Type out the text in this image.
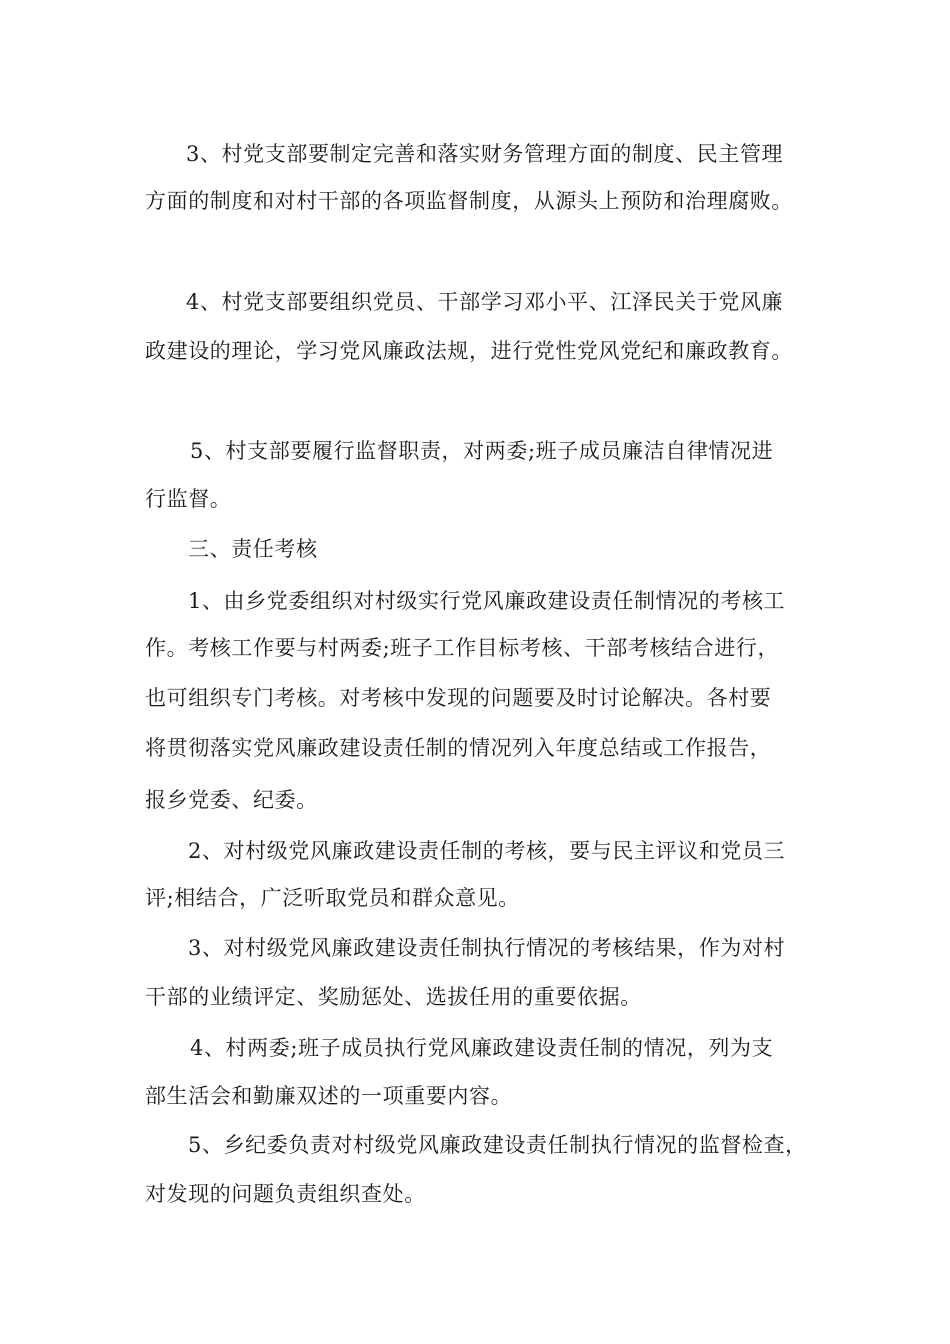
3、村党支部要制定完善和落实财务管理方面的制度、民主管理
方面的制度和对村干部的各项监督制度，从源头上预防和治理腐败。
4、村党支部要组织党员、干部学习邓小平、江泽民关于党风廉
政建设的理论，学习党风廉政法规，进行党性党风党纪和廉政教育。
5、村支部要履行监督职责，对两委;班子成员廉洁自律情况进
行监督。
三、责任考核
1、由乡党委组织对村级实行党风廉政建设责任制情况的考核工
作。考核工作要与村两委;班子工作目标考核、干部考核结合进行，
也可组织专门考核。对考核中发现的问题要及时讨论解决。各村要
将贯彻落实党风廉政建设责任制的情况列入年度总结或工作报告，
报乡党委、纪委。
2、对村级党风廉政建设责任制的考核，要与民主评议和党员三
评;相结合，广泛听取党员和群众意见。
3、对村级党风廉政建设责任制执行情况的考核结果，作为对村
干部的业绩评定、奖励惩处、选拔任用的重要依据。
4、村两委;班子成员执行党风廉政建设责任制的情况，列为支
部生活会和勤廉双述的一项重要内容。
5、乡纪委负责对村级党风廉政建设责任制执行情况的监督检查，
对发现的问题负责组织查处。
